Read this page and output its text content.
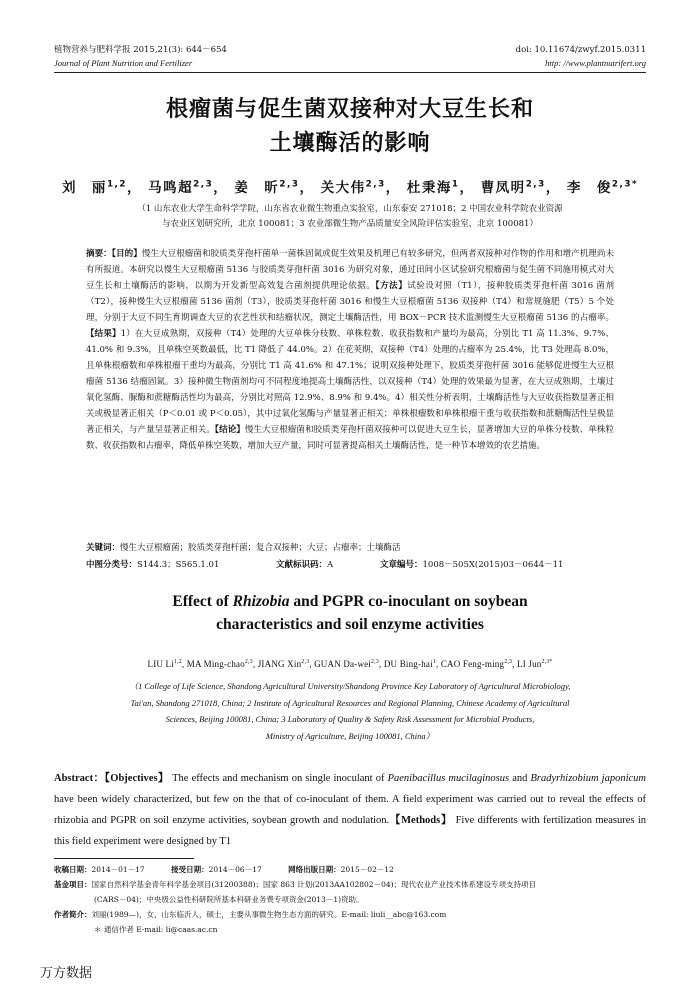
植物营养与肥料学报 2015,21(3): 644－654	doi: 10.11674/zwyf.2015.0311
Journal of Plant Nutrition and Fertilizer	http: //www.plantnutrifert.org
根瘤菌与促生菌双接种对大豆生长和
土壤酶活的影响
刘　丽$^{1,2}$， 马鸣超$^{2,3}$， 姜　昕$^{2,3}$， 关大伟$^{2,3}$， 杜秉海$^1$， 曹凤明$^{2,3}$， 李　俊$^{2,3*}$
（1 山东农业大学生命科学学院，山东省农业微生物重点实验室，山东泰安 271018；2 中国农业科学院农业资源
与农业区划研究所，北京 100081；3 农业部微生物产品质量安全风险评估实验室，北京 100081）
摘要：【目的】慢生大豆根瘤菌和胶质类芽孢杆菌单一菌株固氮或促生效果及机理已有较多研究，但两者双接种对作物的作用和增产机理尚未有所报道。本研究以慢生大豆根瘤菌 5136 与胶质类芽孢杆菌 3016 为研究对象，通过田间小区试验研究根瘤菌与促生菌不同施用模式对大豆生长和土壤酶活的影响，以期为开发新型高效复合菌剂提供理论依据。【方法】试验设对照（T1），接种胶质类芽孢杆菌 3016 菌剂（T2），接种慢生大豆根瘤菌 5136 菌剂（T3），胶质类芽孢杆菌 3016 和慢生大豆根瘤菌 5136 双接种（T4）和常规施肥（T5）5 个处理，分别于大豆不同生育期调查大豆的农艺性状和结瘤状况，测定土壤酶活性，用 BOX－PCR 技术监测慢生大豆根瘤菌 5136 的占瘤率。【结果】1）在大豆成熟期，双接种（T4）处理的大豆单株分枝数、单株粒数、收获指数和产量均为最高，分别比 T1 高 11.3%、9.7%、41.0% 和 9.3%，且单株空荚数最低，比 T1 降低了 44.0%。2）在花荚期，双接种（T4）处理的占瘤率为 25.4%，比 T3 处理高 8.0%，且单株根瘤数和单株根瘤干重均为最高，分别比 T1 高 41.6% 和 47.1%；说明双接种处理下，胶质类芽孢杆菌 3016 能够促进慢生大豆根瘤菌 5136 结瘤固氮。3）接种微生物菌剂均可不同程度地提高土壤酶活性，以双接种（T4）处理的效果最为显著，在大豆成熟期，土壤过氧化氢酶、脲酶和蔗糖酶活性均为最高，分别比对照高 12.9%、8.9% 和 9.4%。4）相关性分析表明，土壤酶活性与大豆收获指数显著正相关或极显著正相关（P＜0.01 或 P＜0.05），其中过氧化氢酶与产量显著正相关；单株根瘤数和单株根瘤干重与收获指数和蔗糖酶活性呈极显著正相关，与产量呈显著正相关。【结论】慢生大豆根瘤菌和胶质类芽孢杆菌双接种可以促进大豆生长，显著增加大豆的单株分枝数、单株粒数、收获指数和占瘤率，降低单株空荚数，增加大豆产量，同时可显著提高相关土壤酶活性，是一种节本增效的农艺措施。
关键词：慢生大豆根瘤菌；胶质类芽孢杆菌；复合双接种；大豆；占瘤率；土壤酶活
中图分类号：S144.3；S565.1.01	文献标识码：A	文章编号：1008－505X(2015)03－0644－11
Effect of Rhizobia and PGPR co-inoculant on soybean
characteristics and soil enzyme activities
LIU Li$^{1,2}$, MA Ming-chao$^{2,3}$, JIANG Xin$^{2,3}$, GUAN Da-wei$^{2,3}$, DU Bing-hai$^1$, CAO Feng-ming$^{2,3}$, LI Jun$^{2,3*}$
（1 College of Life Science, Shandong Agricultural University/Shandong Province Key Laboratory of Agricultural Microbiology,
Tai'an, Shandong 271018, China; 2 Institute of Agricultural Resources and Regional Planning, Chinese Academy of Agricultural
Sciences, Beijing 100081, China; 3 Laboratory of Quality & Safety Risk Assessment for Microbial Products,
Ministry of Agriculture, Beijing 100081, China）
Abstract：【Objectives】 The effects and mechanism on single inoculant of Paenibacillus mucilaginosus and Bradyrhizobium japonicum have been widely characterized, but few on the that of co-inoculant of them. A field experiment was carried out to reveal the effects of rhizobia and PGPR on soil enzyme activities, soybean growth and nodulation.【Methods】 Five differents with fertilization measures in this field experiment were designed by T1
收稿日期：2014－01－17	接受日期：2014－06－17	网络出版日期：2015－02－12
基金项目：国家自然科学基金青年科学基金项目(31200388)；国家 863 计划(2013AA102802－04)；现代农业产业技术体系建设专项支持项目
(CARS－04)；中央级公益性科研院所基本科研业务费专项资金(2013－1)资助。
作者简介：刘丽(1989—)，女，山东临沂人，硕士，主要从事微生物生态方面的研究。E-mail: liuli__abc@163.com
＊ 通信作者 E-mail: li@caas.ac.cn
万方数据
